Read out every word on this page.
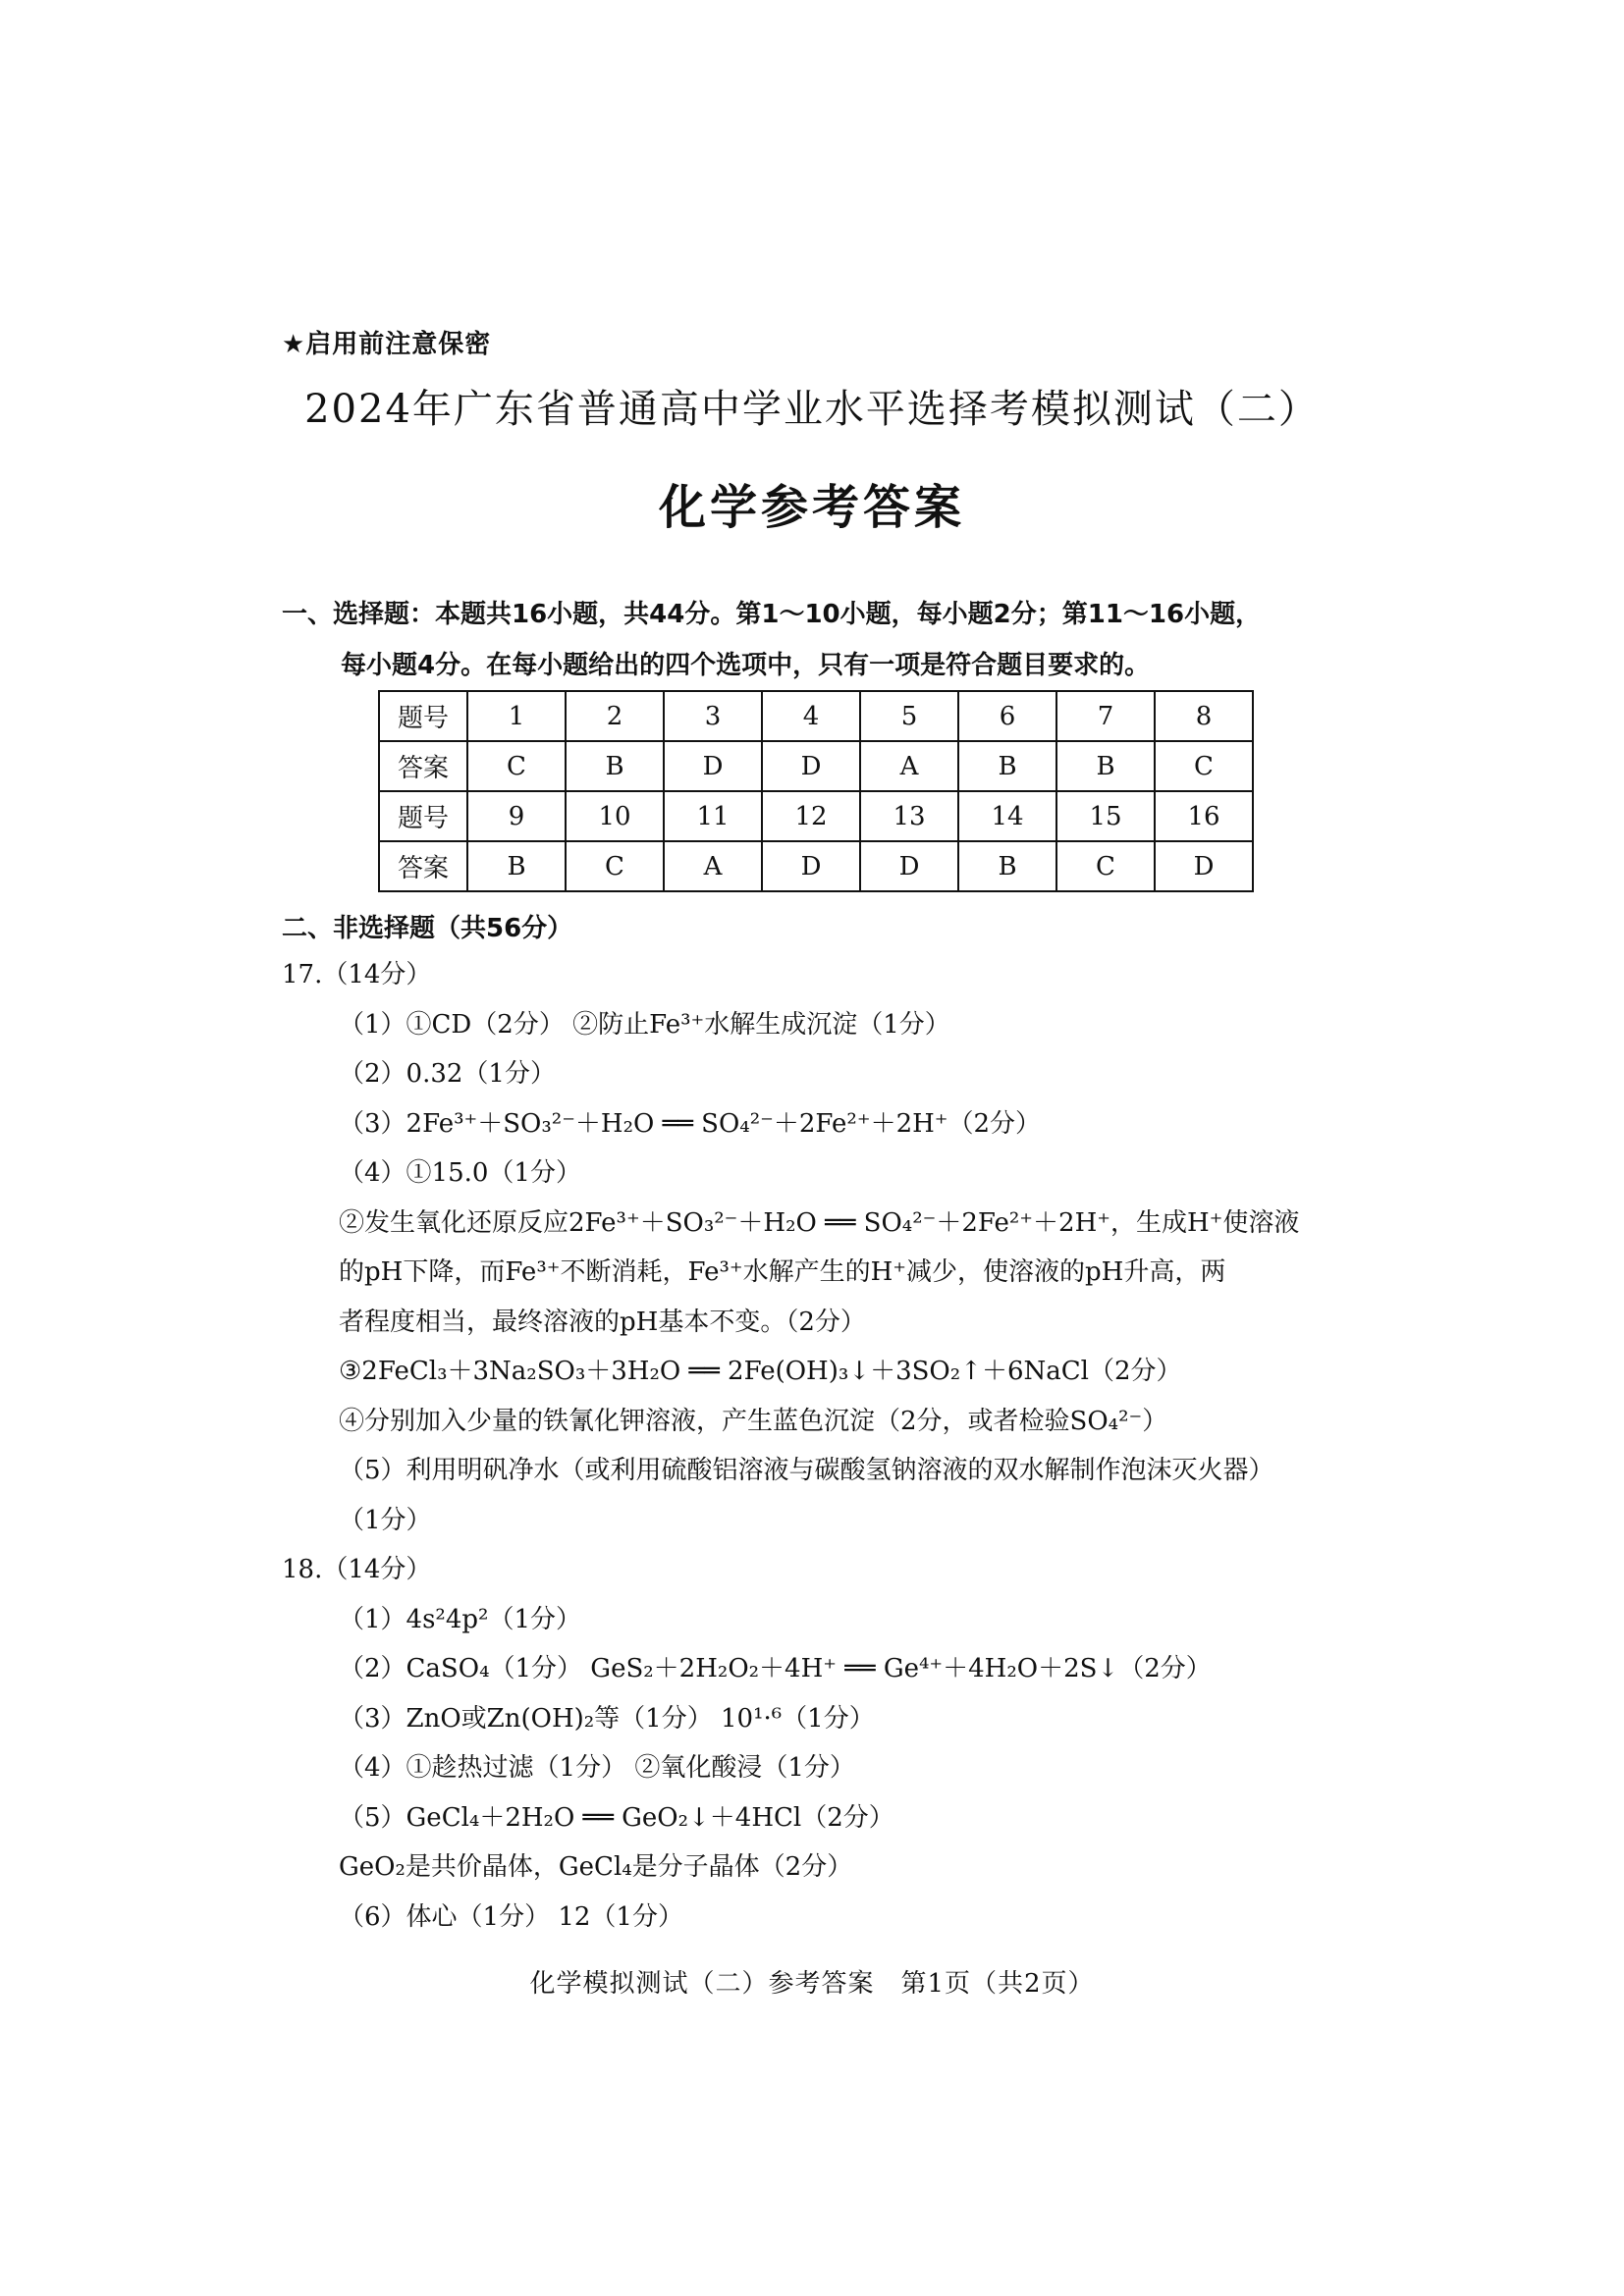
★启用前注意保密
2024年广东省普通高中学业水平选择考模拟测试（二）
化学参考答案
一、选择题：本题共16小题，共44分。第1～10小题，每小题2分；第11～16小题，
每小题4分。在每小题给出的四个选项中，只有一项是符合题目要求的。
题号	1	2	3	4	5	6	7	8
答案	C	B	D	D	A	B	B	C
题号	9	10	11	12	13	14	15	16
答案	B	C	A	D	D	B	C	D
二、非选择题（共56分）
17.（14分）
（1）①CD（2分） ②防止Fe³⁺水解生成沉淀（1分）
（2）0.32（1分）
（3）2Fe³⁺＋SO₃²⁻＋H₂O ══ SO₄²⁻＋2Fe²⁺＋2H⁺（2分）
（4）①15.0（1分）
②发生氧化还原反应2Fe³⁺＋SO₃²⁻＋H₂O ══ SO₄²⁻＋2Fe²⁺＋2H⁺，生成H⁺使溶液
的pH下降，而Fe³⁺不断消耗，Fe³⁺水解产生的H⁺减少，使溶液的pH升高，两
者程度相当，最终溶液的pH基本不变。（2分）
③2FeCl₃＋3Na₂SO₃＋3H₂O ══ 2Fe(OH)₃↓＋3SO₂↑＋6NaCl（2分）
④分别加入少量的铁氰化钾溶液，产生蓝色沉淀（2分，或者检验SO₄²⁻）
（5）利用明矾净水（或利用硫酸铝溶液与碳酸氢钠溶液的双水解制作泡沫灭火器）
（1分）
18.（14分）
（1）4s²4p²（1分）
（2）CaSO₄（1分） GeS₂＋2H₂O₂＋4H⁺ ══ Ge⁴⁺＋4H₂O＋2S↓（2分）
（3）ZnO或Zn(OH)₂等（1分） 10¹·⁶（1分）
（4）①趁热过滤（1分） ②氧化酸浸（1分）
（5）GeCl₄＋2H₂O ══ GeO₂↓＋4HCl（2分）
GeO₂是共价晶体，GeCl₄是分子晶体（2分）
（6）体心（1分） 12（1分）
化学模拟测试（二）参考答案　第1页（共2页）
